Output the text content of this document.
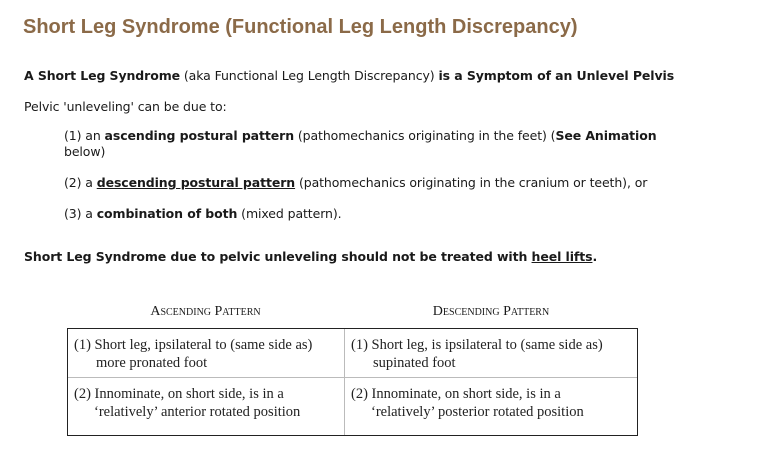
Short Leg Syndrome (Functional Leg Length Discrepancy)
A Short Leg Syndrome (aka Functional Leg Length Discrepancy) is a Symptom of an Unlevel Pelvis
Pelvic 'unleveling' can be due to:
(1) an ascending postural pattern (pathomechanics originating in the feet) (See Animation
below)
(2) a descending postural pattern (pathomechanics originating in the cranium or teeth), or
(3) a combination of both (mixed pattern).
Short Leg Syndrome due to pelvic unleveling should not be treated with heel lifts.
Ascending Pattern	Descending Pattern
(1) Short leg, ipsilateral to (same side as)
more pronated foot
(1) Short leg, is ipsilateral to (same side as)
supinated foot
(2) Innominate, on short side, is in a
‘relatively’ anterior rotated position
(2) Innominate, on short side, is in a
‘relatively’ posterior rotated position
